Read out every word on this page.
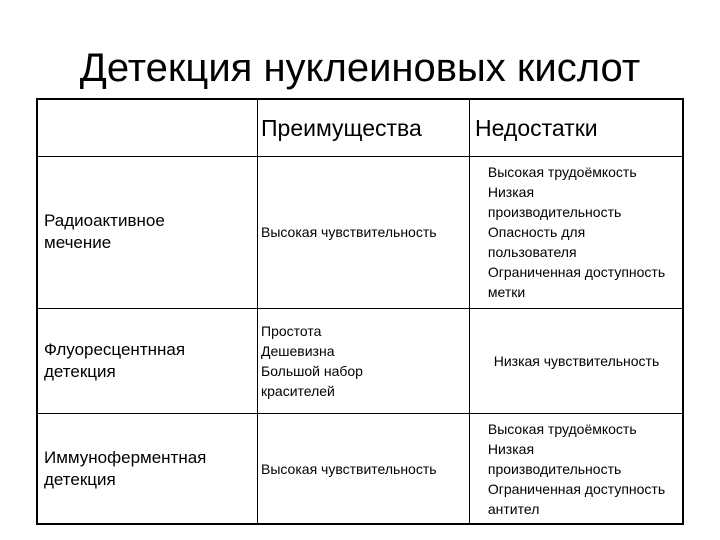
Детекция нуклеиновых кислот
Преимущества	Недостатки
Радиоактивное
мечение
Высокая чувствительность
Высокая трудоёмкость
Низкая
производительность
Опасность для
пользователя
Ограниченная доступность
метки
Флуоресцентнная
детекция
Простота
Дешевизна
Большой набор
красителей
Низкая чувствительность
Иммуноферментная
детекция
Высокая чувствительность
Высокая трудоёмкость
Низкая
производительность
Ограниченная доступность
антител
